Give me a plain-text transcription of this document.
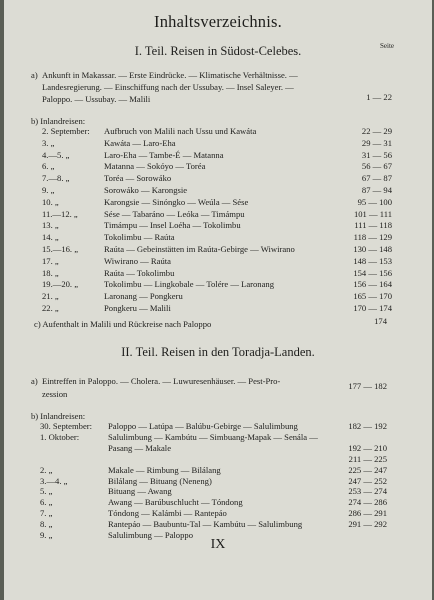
Inhaltsverzeichnis.
I. Teil. Reisen in Südost-Celebes.	Seite
a) Ankunft in Makassar. — Erste Eindrücke. — Klimatische Verhältnisse. —
Landesregierung. — Einschiffung nach der Ussubay. — Insel Saleyer. —
Paloppo. — Ussubay. — Malili	1 — 22
b) Inlandreisen:
c) Aufenthalt in Malili und Rückreise nach Paloppo	174
II. Teil. Reisen in den Toradja-Landen.
a) Eintreffen in Paloppo. — Cholera. — Luwuresenhäuser. — Pest-Pro-
zession
177 — 182
b) Inlandreisen:
IX
2. September: Aufbruch von Malili nach Ussu und Kawáta	22 — 29
3. „	Kawáta — Laro-Eha	29 — 31
4.—5. „	Laro-Eha — Tambe-É — Matanna	31 — 56
6. „	Matanna — Sokóyo — Toréa	56 — 67
7.—8. „	Toréa — Sorowáko	67 — 87
9. „	Sorowáko — Karongsie	87 — 94
10. „	Karongsie — Sinóngko — Weúla — Sése	95 — 100
11.—12. „	Sése — Tabaráno — Leóka — Timámpu	101 — 111
13. „	Timámpu — Insel Loéha — Tokolimbu	111 — 118
14. „	Tokolimbu — Raúta	118 — 129
15.—16. „	Raúta — Gebeinstätten im Raúta-Gebirge — Wiwirano	130 — 148
17. „	Wiwirano — Raúta	148 — 153
18. „	Raúta — Tokolimbu	154 — 156
19.—20. „	Tokolimbu — Lingkobale — Tolére — Laronang	156 — 164
21. „	Laronang — Pongkeru	165 — 170
22. „	Pongkeru — Malili	170 — 174
30. September: Paloppo — Latúpa — Balúbu-Gebirge — Salulimbung	182 — 192
1. Oktober:	Salulimbung — Kambútu — Simbuang-Mapak — Senála —
Pasang — Makale	192 — 210
211 — 225
2. „	Makale — Rimbung — Bilálang	225 — 247
3.—4. „	Bilálang — Bituang (Neneng)	247 — 252
5. „	Bituang — Awang	253 — 274
6. „	Awang — Barúbuschlucht — Tóndong	274 — 286
7. „	Tóndong — Kalámbi — Rantepáo	286 — 291
8. „	Rantepáo — Baubuntu-Tal — Kambútu — Salulimbung	291 — 292
9. „	Salulimbung — Paloppo
